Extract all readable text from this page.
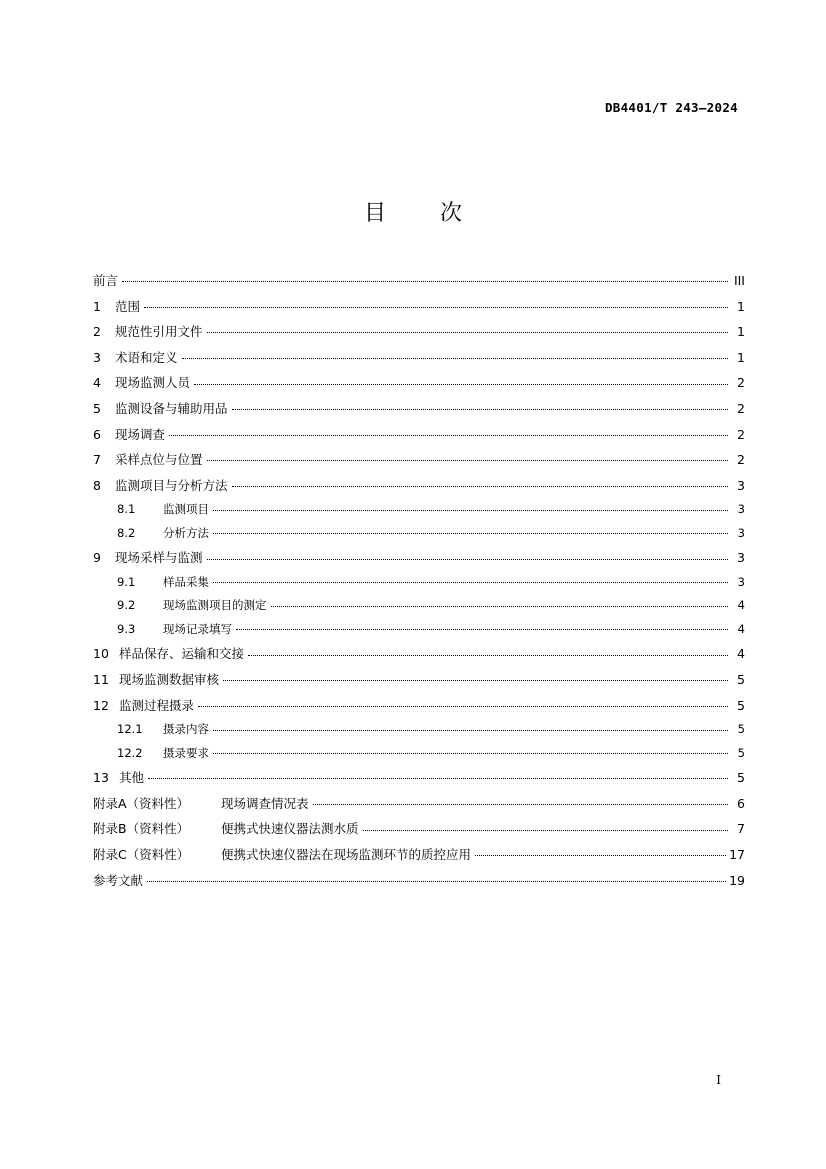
DB4401/T 243—2024
目　次
前言	III
1	范围	1
2	规范性引用文件	1
3	术语和定义	1
4	现场监测人员	2
5	监测设备与辅助用品	2
6	现场调查	2
7	采样点位与位置	2
8	监测项目与分析方法	3
8.1	监测项目	3
8.2	分析方法	3
9	现场采样与监测	3
9.1	样品采集	3
9.2	现场监测项目的测定	4
9.3	现场记录填写	4
10 样品保存、运输和交接	4
11 现场监测数据审核	5
12 监测过程摄录	5
12.1	摄录内容	5
12.2	摄录要求	5
13 其他	5
附录A（资料性）	现场调查情况表	6
附录B（资料性）	便携式快速仪器法测水质	7
附录C（资料性）	便携式快速仪器法在现场监测环节的质控应用	17
参考文献	19
I
